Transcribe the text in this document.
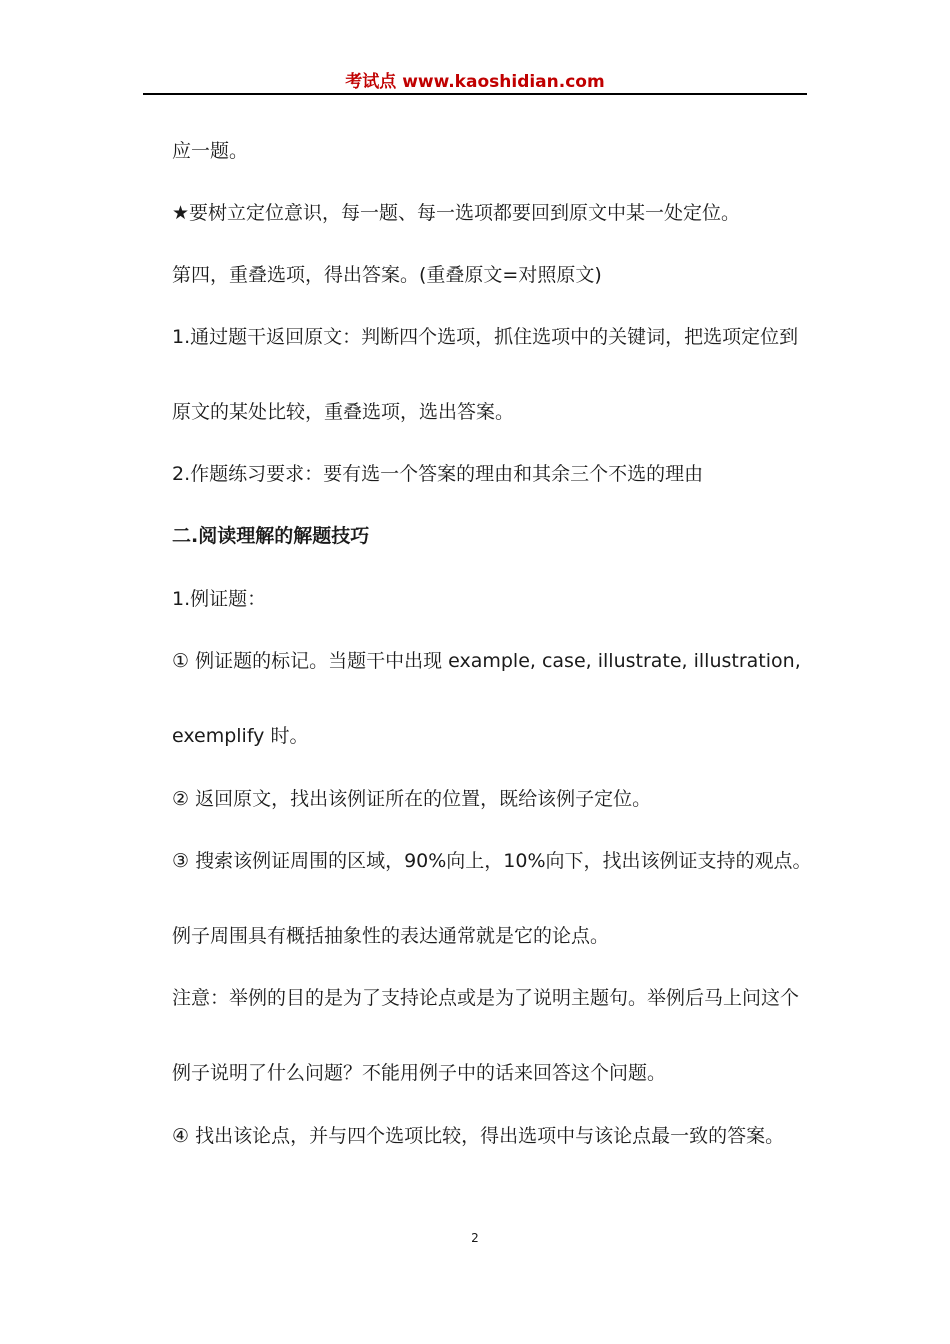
考试点 www.kaoshidian.com
应一题。
★要树立定位意识，每一题、每一选项都要回到原文中某一处定位。
第四，重叠选项，得出答案。(重叠原文=对照原文)
1.通过题干返回原文：判断四个选项，抓住选项中的关键词，把选项定位到
原文的某处比较，重叠选项，选出答案。
2.作题练习要求：要有选一个答案的理由和其余三个不选的理由
二.阅读理解的解题技巧
1.例证题：
① 例证题的标记。当题干中出现 example, case, illustrate, illustration,
exemplify 时。
② 返回原文，找出该例证所在的位置，既给该例子定位。
③ 搜索该例证周围的区域，90%向上，10%向下，找出该例证支持的观点。
例子周围具有概括抽象性的表达通常就是它的论点。
注意：举例的目的是为了支持论点或是为了说明主题句。举例后马上问这个
例子说明了什么问题？不能用例子中的话来回答这个问题。
④ 找出该论点，并与四个选项比较，得出选项中与该论点最一致的答案。
2
